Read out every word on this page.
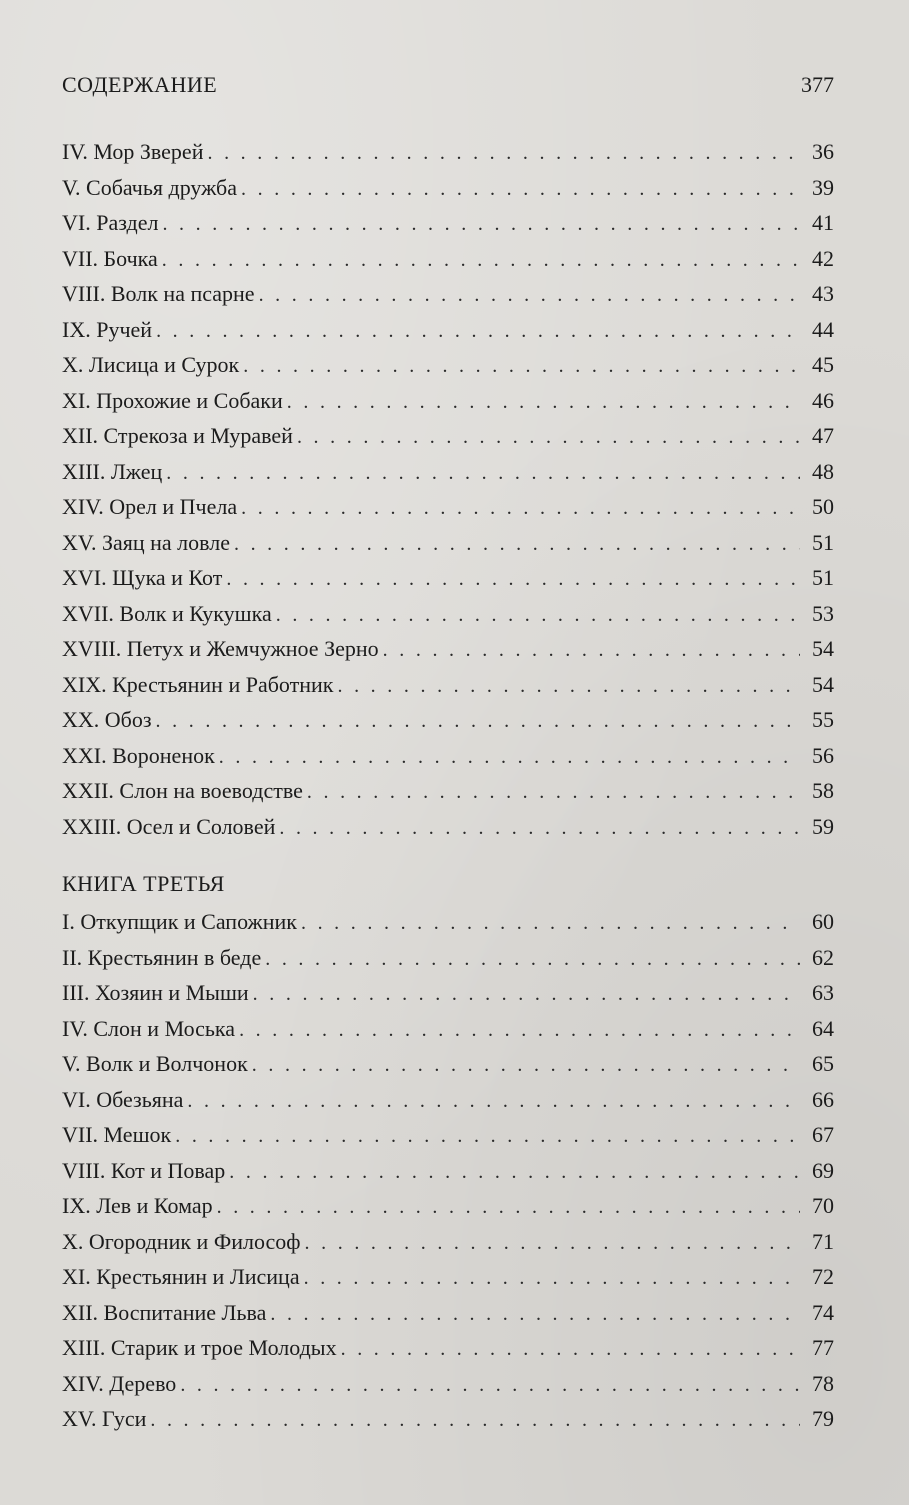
СОДЕРЖАНИЕ	377
IV. Мор Зверей . . .	36
V. Собачья дружба . . .	39
VI. Раздел . . .	41
VII. Бочка . . .	42
VIII. Волк на псарне . . .	43
IX. Ручей . . .	44
X. Лисица и Сурок . . .	45
XI. Прохожие и Собаки . . .	46
XII. Стрекоза и Муравей . . .	47
XIII. Лжец . . .	48
XIV. Орел и Пчела . . .	50
XV. Заяц на ловле . . .	51
XVI. Щука и Кот . . .	51
XVII. Волк и Кукушка . . .	53
XVIII. Петух и Жемчужное Зерно . . .	54
XIX. Крестьянин и Работник . . .	54
XX. Обоз . . .	55
XXI. Вороненок . . .	56
XXII. Слон на воеводстве . . .	58
XXIII. Осел и Соловей . . .	59
КНИГА ТРЕТЬЯ
I. Откупщик и Сапожник . . .	60
II. Крестьянин в беде . . .	62
III. Хозяин и Мыши . . .	63
IV. Слон и Моська . . .	64
V. Волк и Волчонок . . .	65
VI. Обезьяна . . .	66
VII. Мешок . . .	67
VIII. Кот и Повар . . .	69
IX. Лев и Комар . . .	70
X. Огородник и Философ . . .	71
XI. Крестьянин и Лисица . . .	72
XII. Воспитание Льва . . .	74
XIII. Старик и трое Молодых . . .	77
XIV. Дерево . . .	78
XV. Гуси . . .	79
